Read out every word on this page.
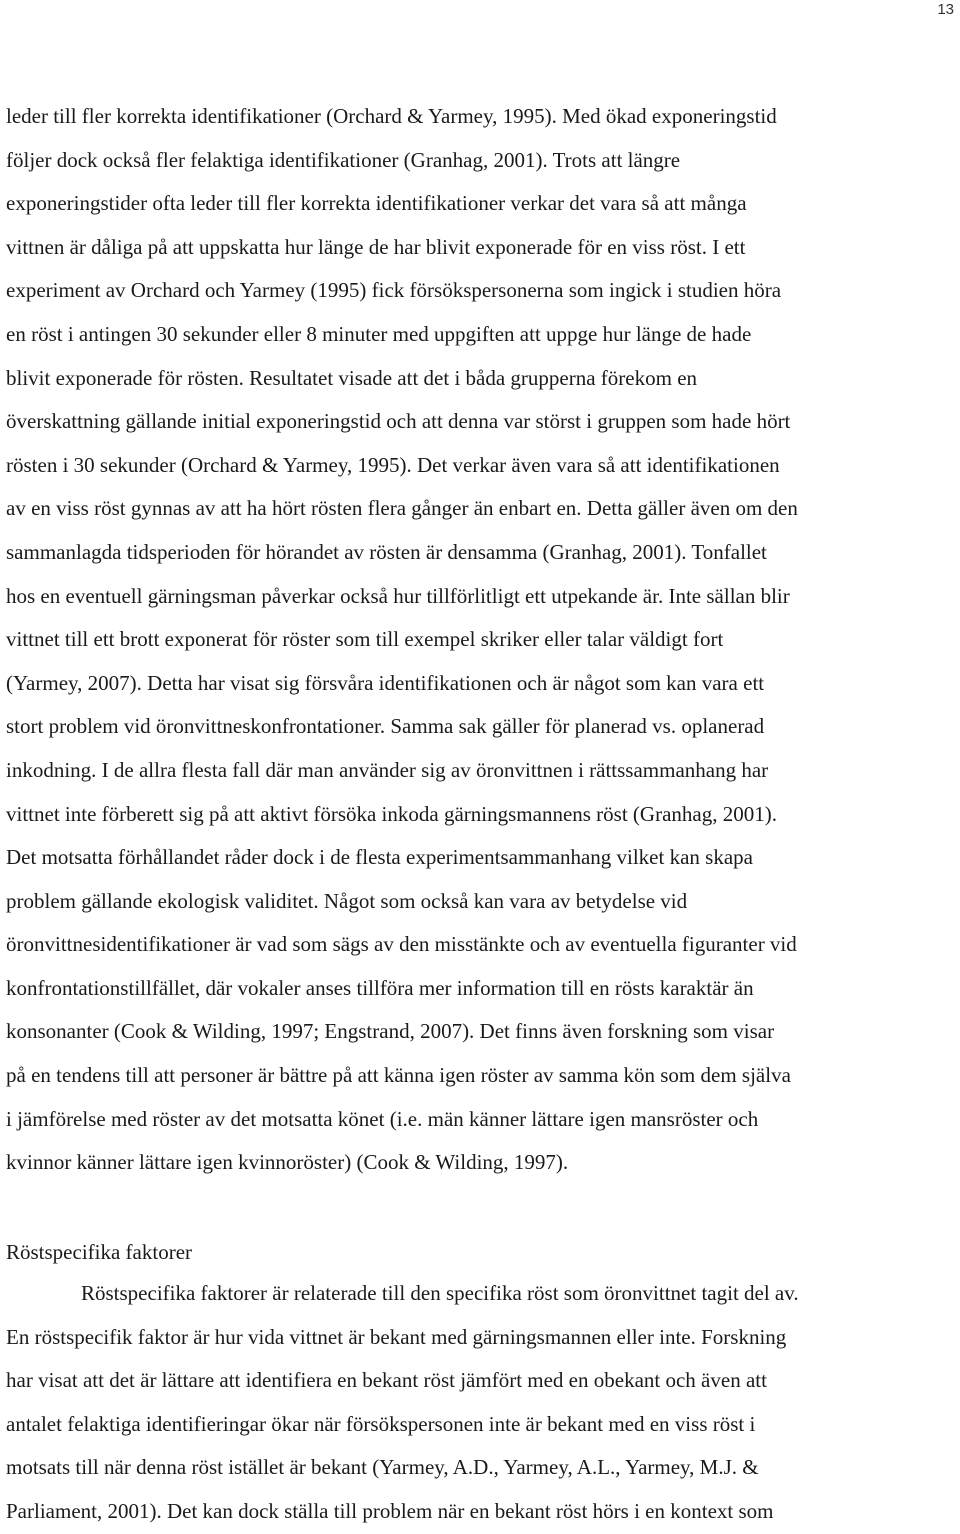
13
leder till fler korrekta identifikationer (Orchard & Yarmey, 1995). Med ökad exponeringstid
följer dock också fler felaktiga identifikationer (Granhag, 2001). Trots att längre
exponeringstider ofta leder till fler korrekta identifikationer verkar det vara så att många
vittnen är dåliga på att uppskatta hur länge de har blivit exponerade för en viss röst. I ett
experiment av Orchard och Yarmey (1995) fick försökspersonerna som ingick i studien höra
en röst i antingen 30 sekunder eller 8 minuter med uppgiften att uppge hur länge de hade
blivit exponerade för rösten. Resultatet visade att det i båda grupperna förekom en
överskattning gällande initial exponeringstid och att denna var störst i gruppen som hade hört
rösten i 30 sekunder (Orchard & Yarmey, 1995). Det verkar även vara så att identifikationen
av en viss röst gynnas av att ha hört rösten flera gånger än enbart en. Detta gäller även om den
sammanlagda tidsperioden för hörandet av rösten är densamma (Granhag, 2001). Tonfallet
hos en eventuell gärningsman påverkar också hur tillförlitligt ett utpekande är. Inte sällan blir
vittnet till ett brott exponerat för röster som till exempel skriker eller talar väldigt fort
(Yarmey, 2007). Detta har visat sig försvåra identifikationen och är något som kan vara ett
stort problem vid öronvittneskonfrontationer. Samma sak gäller för planerad vs. oplanerad
inkodning. I de allra flesta fall där man använder sig av öronvittnen i rättssammanhang har
vittnet inte förberett sig på att aktivt försöka inkoda gärningsmannens röst (Granhag, 2001).
Det motsatta förhållandet råder dock i de flesta experimentsammanhang vilket kan skapa
problem gällande ekologisk validitet. Något som också kan vara av betydelse vid
öronvittnesidentifikationer är vad som sägs av den misstänkte och av eventuella figuranter vid
konfrontationstillfället, där vokaler anses tillföra mer information till en rösts karaktär än
konsonanter (Cook & Wilding, 1997; Engstrand, 2007). Det finns även forskning som visar
på en tendens till att personer är bättre på att känna igen röster av samma kön som dem själva
i jämförelse med röster av det motsatta könet (i.e. män känner lättare igen mansröster och
kvinnor känner lättare igen kvinnoröster) (Cook & Wilding, 1997).
Röstspecifika faktorer
Röstspecifika faktorer är relaterade till den specifika röst som öronvittnet tagit del av.
En röstspecifik faktor är hur vida vittnet är bekant med gärningsmannen eller inte. Forskning
har visat att det är lättare att identifiera en bekant röst jämfört med en obekant och även att
antalet felaktiga identifieringar ökar när försökspersonen inte är bekant med en viss röst i
motsats till när denna röst istället är bekant (Yarmey, A.D., Yarmey, A.L., Yarmey, M.J. &
Parliament, 2001). Det kan dock ställa till problem när en bekant röst hörs i en kontext som
